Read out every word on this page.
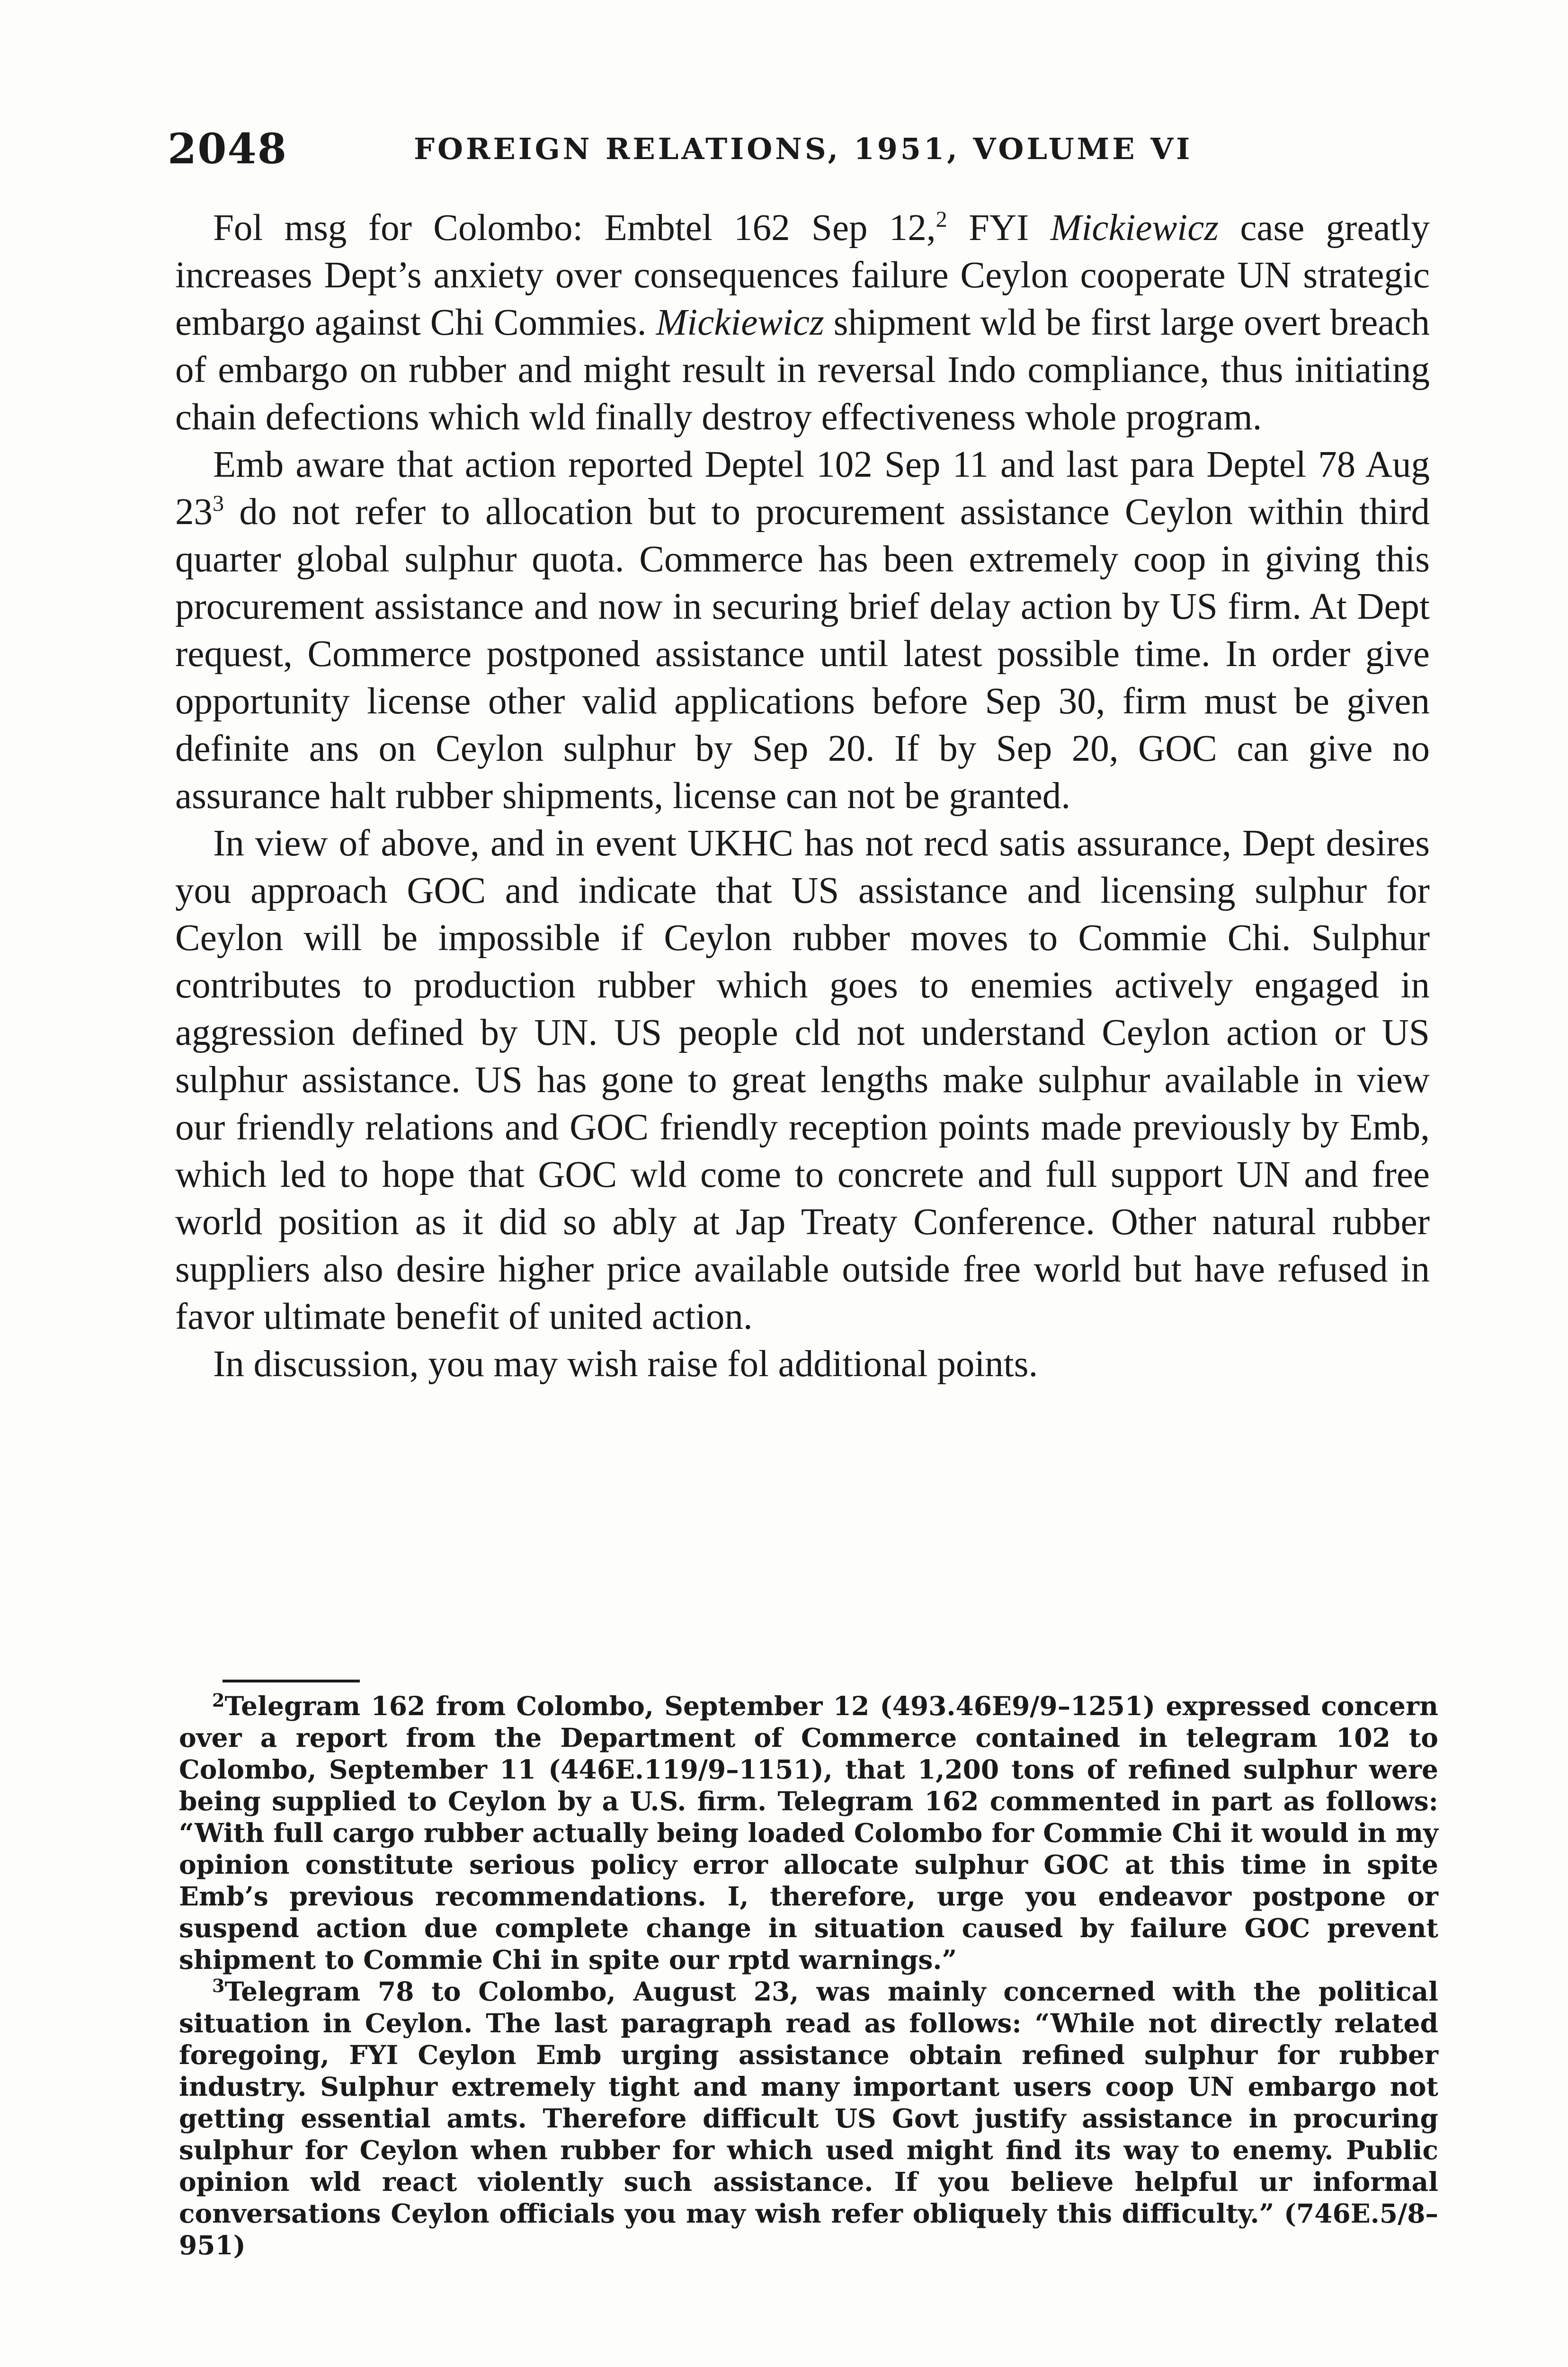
2048	FOREIGN RELATIONS, 1951, VOLUME VI

Fol msg for Colombo: Embtel 162 Sep 12,$^2$ FYI Mickiewicz case greatly increases Dept’s anxiety over consequences failure Ceylon cooperate UN strategic embargo against Chi Commies. Mickiewicz shipment wld be first large overt breach of embargo on rubber and might result in reversal Indo compliance, thus initiating chain defections which wld finally destroy effectiveness whole program.

Emb aware that action reported Deptel 102 Sep 11 and last para Deptel 78 Aug $23^3$ do not refer to allocation but to procurement assistance Ceylon within third quarter global sulphur quota. Commerce has been extremely coop in giving this procurement assistance and now in securing brief delay action by US firm. At Dept request, Commerce postponed assistance until latest possible time. In order give opportunity license other valid applications before Sep 30, firm must be given definite ans on Ceylon sulphur by Sep 20. If by Sep 20, GOC can give no assurance halt rubber shipments, license can not be granted.

In view of above, and in event UKHC has not recd satis assurance, Dept desires you approach GOC and indicate that US assistance and licensing sulphur for Ceylon will be impossible if Ceylon rubber moves to Commie Chi. Sulphur contributes to production rubber which goes to enemies actively engaged in aggression defined by UN. US people cld not understand Ceylon action or US sulphur assistance. US has gone to great lengths make sulphur available in view our friendly relations and GOC friendly reception points made previously by Emb, which led to hope that GOC wld come to concrete and full support UN and free world position as it did so ably at Jap Treaty Conference. Other natural rubber suppliers also desire higher price available outside free world but have refused in favor ultimate benefit of united action.

In discussion, you may wish raise fol additional points.

$^2$Telegram 162 from Colombo, September 12 (493.46E9/9–1251) expressed concern over a report from the Department of Commerce contained in telegram 102 to Colombo, September 11 (446E.119/9–1151), that 1,200 tons of refined sulphur were being supplied to Ceylon by a U.S. firm. Telegram 162 commented in part as follows: “With full cargo rubber actually being loaded Colombo for Commie Chi it would in my opinion constitute serious policy error allocate sulphur GOC at this time in spite Emb’s previous recommendations. I, therefore, urge you endeavor postpone or suspend action due complete change in situation caused by failure GOC prevent shipment to Commie Chi in spite our rptd warnings.”

$^3$Telegram 78 to Colombo, August 23, was mainly concerned with the political situation in Ceylon. The last paragraph read as follows: “While not directly related foregoing, FYI Ceylon Emb urging assistance obtain refined sulphur for rubber industry. Sulphur extremely tight and many important users coop UN embargo not getting essential amts. Therefore difficult US Govt justify assistance in procuring sulphur for Ceylon when rubber for which used might find its way to enemy. Public opinion wld react violently such assistance. If you believe helpful ur informal conversations Ceylon officials you may wish refer obliquely this difficulty.” (746E.5/8–951)
